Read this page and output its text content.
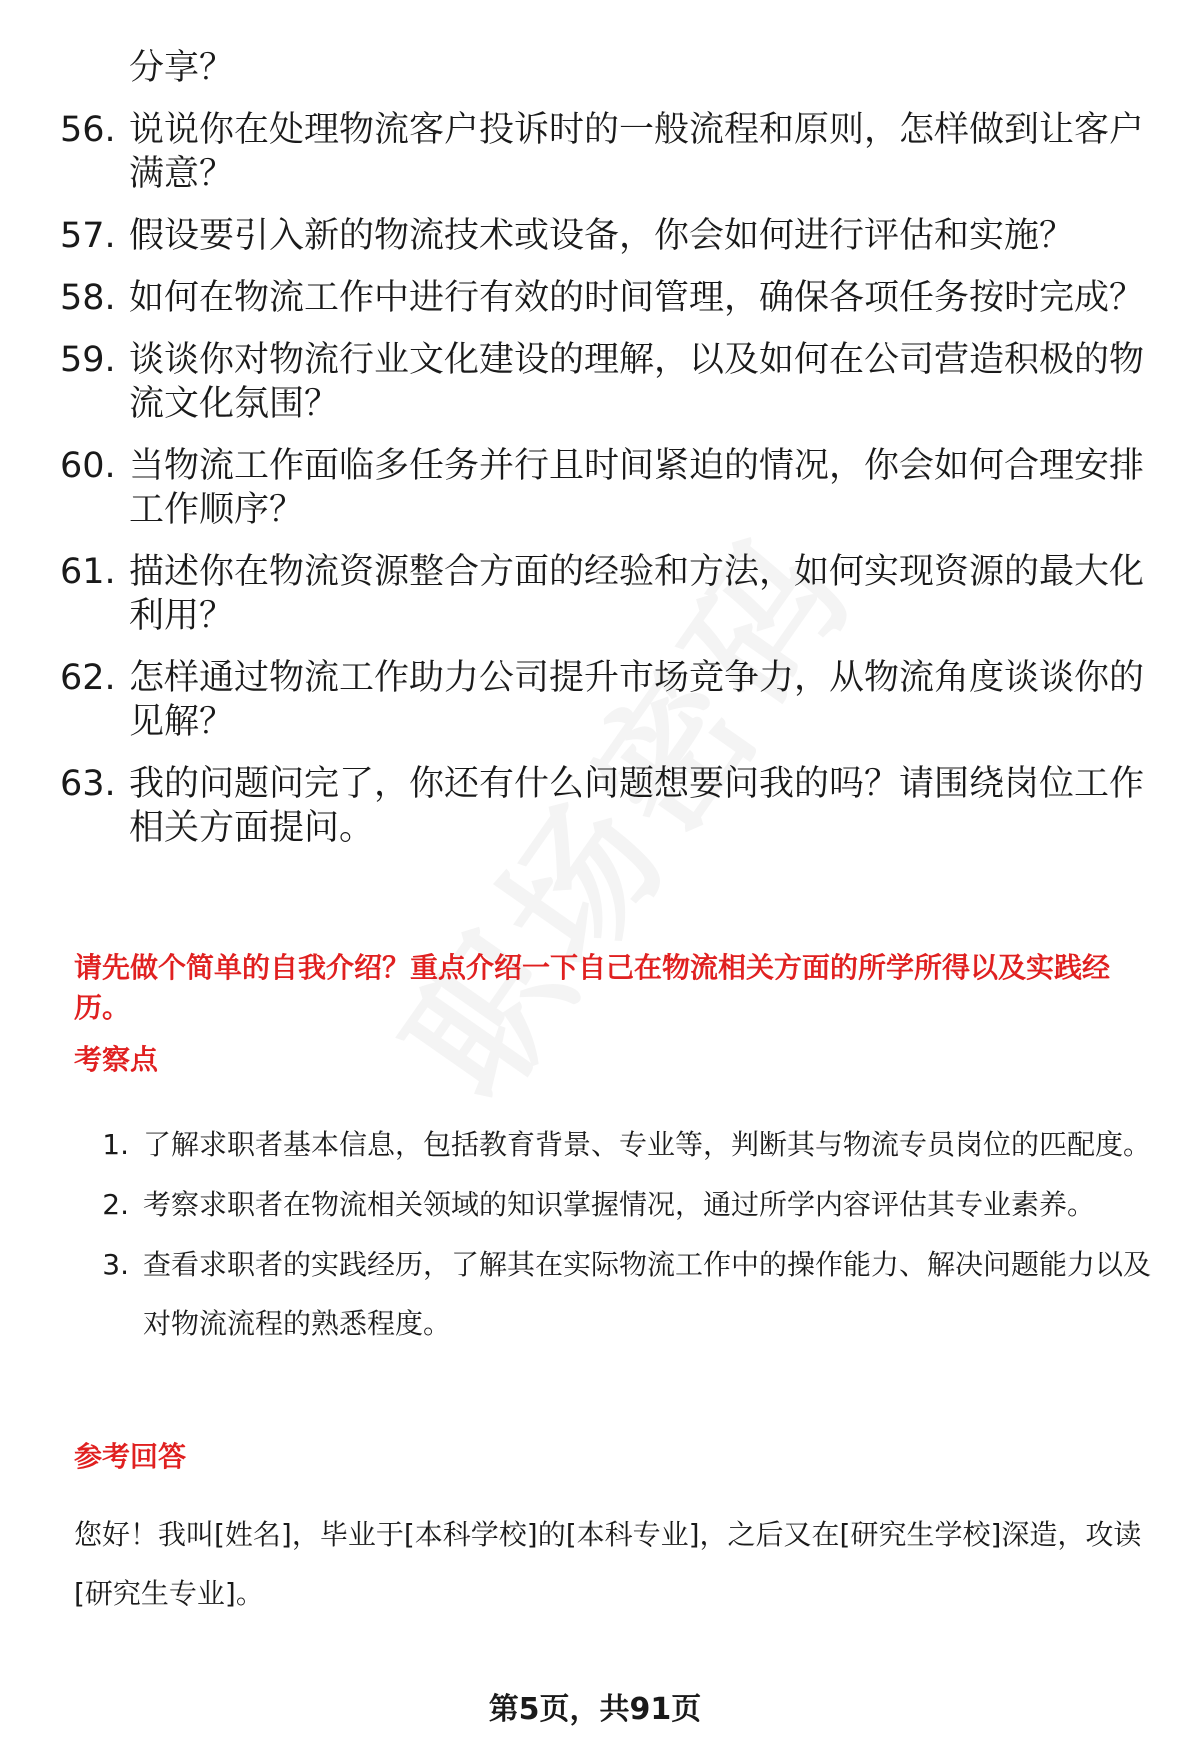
分享？
56. 说说你在处理物流客户投诉时的一般流程和原则，怎样做到让客户满意？
57. 假设要引入新的物流技术或设备，你会如何进行评估和实施？
58. 如何在物流工作中进行有效的时间管理，确保各项任务按时完成？
59. 谈谈你对物流行业文化建设的理解，以及如何在公司营造积极的物流文化氛围？
60. 当物流工作面临多任务并行且时间紧迫的情况，你会如何合理安排工作顺序？
61. 描述你在物流资源整合方面的经验和方法，如何实现资源的最大化利用？
62. 怎样通过物流工作助力公司提升市场竞争力，从物流角度谈谈你的见解？
63. 我的问题问完了，你还有什么问题想要问我的吗？请围绕岗位工作相关方面提问。
请先做个简单的自我介绍？重点介绍一下自己在物流相关方面的所学所得以及实践经历。
考察点
1. 了解求职者基本信息，包括教育背景、专业等，判断其与物流专员岗位的匹配度。
2. 考察求职者在物流相关领域的知识掌握情况，通过所学内容评估其专业素养。
3. 查看求职者的实践经历，了解其在实际物流工作中的操作能力、解决问题能力以及对物流流程的熟悉程度。
参考回答
您好！我叫[姓名]，毕业于[本科学校]的[本科专业]，之后又在[研究生学校]深造，攻读[研究生专业]。
第5页，共91页
